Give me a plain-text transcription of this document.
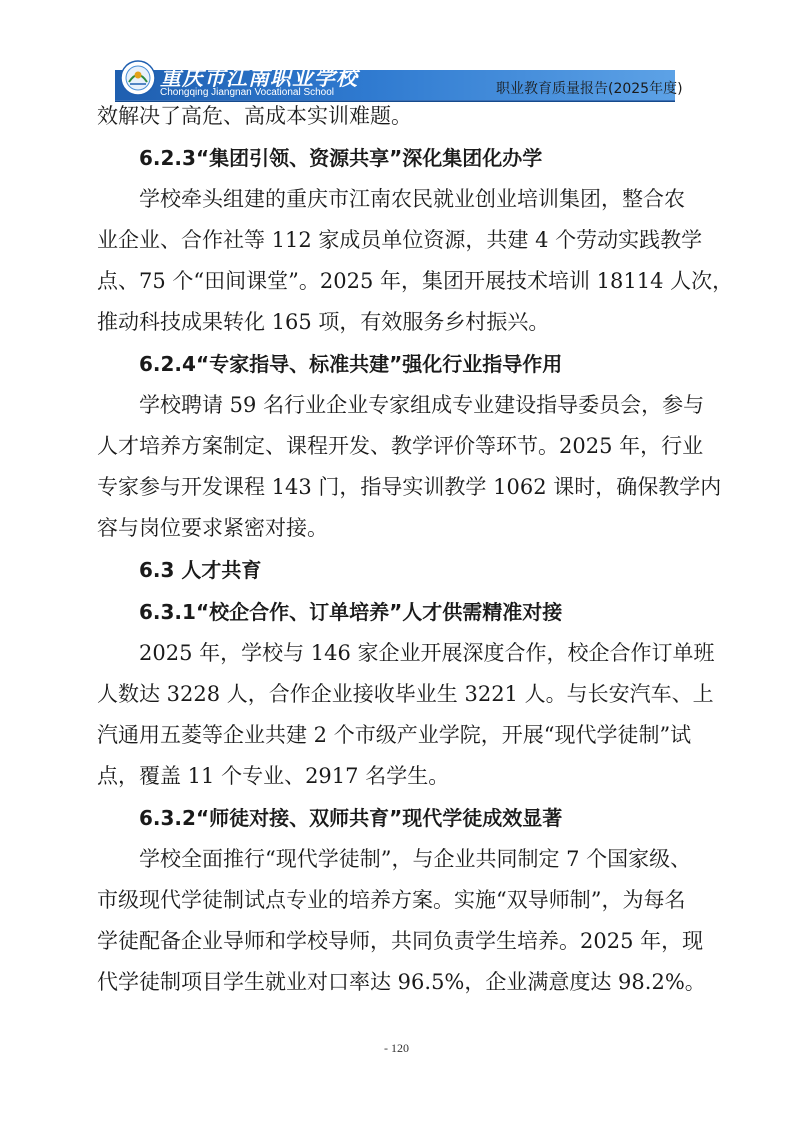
重庆市江南职业学校
Chongqing Jiangnan Vocational School	职业教育质量报告(2025年度)

效解决了高危、高成本实训难题。

6.2.3“集团引领、资源共享”深化集团化办学

学校牵头组建的重庆市江南农民就业创业培训集团，整合农

业企业、合作社等 112 家成员单位资源，共建 4 个劳动实践教学

点、75 个“田间课堂”。2025 年，集团开展技术培训 18114 人次，

推动科技成果转化 165 项，有效服务乡村振兴。

6.2.4“专家指导、标准共建”强化行业指导作用

学校聘请 59 名行业企业专家组成专业建设指导委员会，参与

人才培养方案制定、课程开发、教学评价等环节。2025 年，行业

专家参与开发课程 143 门，指导实训教学 1062 课时，确保教学内

容与岗位要求紧密对接。

6.3 人才共育
6.3.1“校企合作、订单培养”人才供需精准对接

2025 年，学校与 146 家企业开展深度合作，校企合作订单班

人数达 3228 人，合作企业接收毕业生 3221 人。与长安汽车、上

汽通用五菱等企业共建 2 个市级产业学院，开展“现代学徒制”试

点，覆盖 11 个专业、2917 名学生。

6.3.2“师徒对接、双师共育”现代学徒成效显著

学校全面推行“现代学徒制”，与企业共同制定 7 个国家级、

市级现代学徒制试点专业的培养方案。实施“双导师制”，为每名

学徒配备企业导师和学校导师，共同负责学生培养。2025 年，现

代学徒制项目学生就业对口率达 96.5%，企业满意度达 98.2%。

- 120
